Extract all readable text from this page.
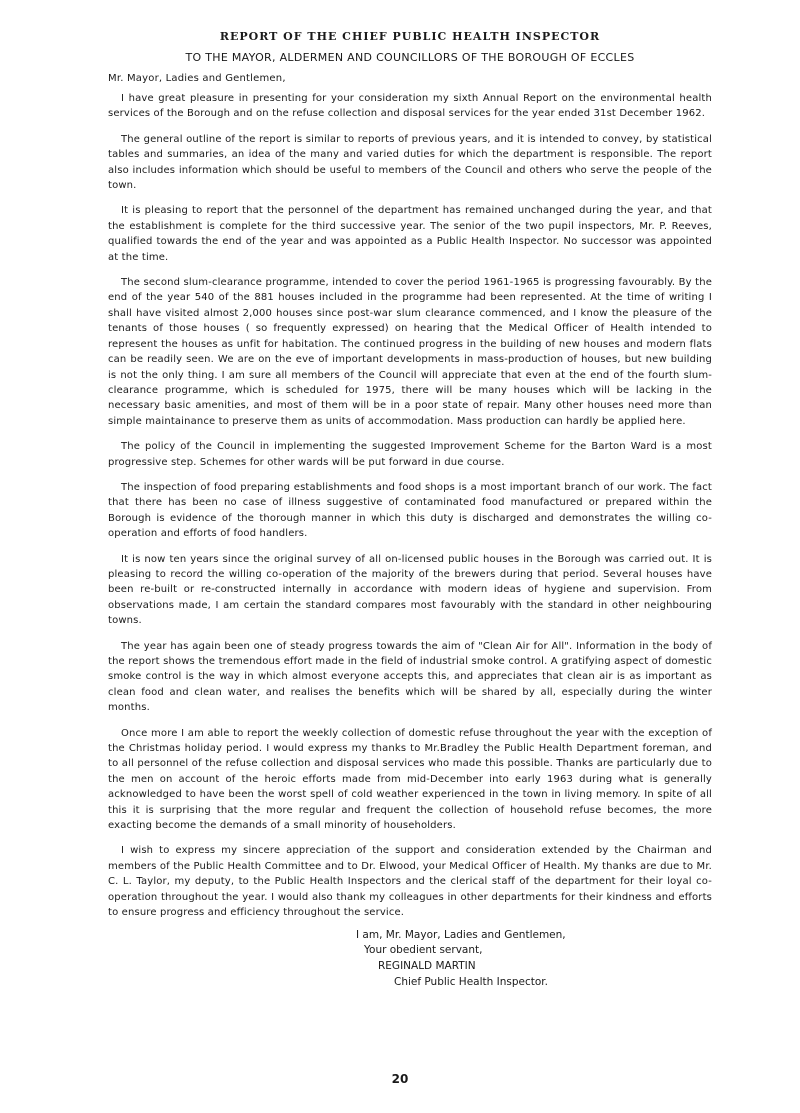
REPORT OF THE CHIEF PUBLIC HEALTH INSPECTOR
TO THE MAYOR, ALDERMEN AND COUNCILLORS OF THE BOROUGH OF ECCLES
Mr. Mayor, Ladies and Gentlemen,

I have great pleasure in presenting for your consideration my sixth Annual Report on the environmental health services of the Borough and on the refuse collection and disposal services for the year ended 31st December 1962.

The general outline of the report is similar to reports of previous years, and it is intended to convey, by statistical tables and summaries, an idea of the many and varied duties for which the department is responsible. The report also includes information which should be useful to members of the Council and others who serve the people of the town.

It is pleasing to report that the personnel of the department has remained unchanged during the year, and that the establishment is complete for the third successive year. The senior of the two pupil inspectors, Mr. P. Reeves, qualified towards the end of the year and was appointed as a Public Health Inspector. No successor was appointed at the time.

The second slum-clearance programme, intended to cover the period 1961-1965 is progressing favourably. By the end of the year 540 of the 881 houses included in the programme had been represented. At the time of writing I shall have visited almost 2,000 houses since post-war slum clearance commenced, and I know the pleasure of the tenants of those houses ( so frequently expressed) on hearing that the Medical Officer of Health intended to represent the houses as unfit for habitation. The continued progress in the building of new houses and modern flats can be readily seen. We are on the eve of important developments in mass-production of houses, but new building is not the only thing. I am sure all members of the Council will appreciate that even at the end of the fourth slum-clearance programme, which is scheduled for 1975, there will be many houses which will be lacking in the necessary basic amenities, and most of them will be in a poor state of repair. Many other houses need more than simple maintainance to preserve them as units of accommodation. Mass production can hardly be applied here.

The policy of the Council in implementing the suggested Improvement Scheme for the Barton Ward is a most progressive step. Schemes for other wards will be put forward in due course.

The inspection of food preparing establishments and food shops is a most important branch of our work. The fact that there has been no case of illness suggestive of contaminated food manufactured or prepared within the Borough is evidence of the thorough manner in which this duty is discharged and demonstrates the willing co-operation and efforts of food handlers.

It is now ten years since the original survey of all on-licensed public houses in the Borough was carried out. It is pleasing to record the willing co-operation of the majority of the brewers during that period. Several houses have been re-built or re-constructed internally in accordance with modern ideas of hygiene and supervision. From observations made, I am certain the standard compares most favourably with the standard in other neighbouring towns.

The year has again been one of steady progress towards the aim of "Clean Air for All". Information in the body of the report shows the tremendous effort made in the field of industrial smoke control. A gratifying aspect of domestic smoke control is the way in which almost everyone accepts this, and appreciates that clean air is as important as clean food and clean water, and realises the benefits which will be shared by all, especially during the winter months.

Once more I am able to report the weekly collection of domestic refuse throughout the year with the exception of the Christmas holiday period. I would express my thanks to Mr.Bradley the Public Health Department foreman, and to all personnel of the refuse collection and disposal services who made this possible. Thanks are particularly due to the men on account of the heroic efforts made from mid-December into early 1963 during what is generally acknowledged to have been the worst spell of cold weather experienced in the town in living memory. In spite of all this it is surprising that the more regular and frequent the collection of household refuse becomes, the more exacting become the demands of a small minority of householders.

I wish to express my sincere appreciation of the support and consideration extended by the Chairman and members of the Public Health Committee and to Dr. Elwood, your Medical Officer of Health. My thanks are due to Mr. C. L. Taylor, my deputy, to the Public Health Inspectors and the clerical staff of the department for their loyal co-operation throughout the year. I would also thank my colleagues in other departments for their kindness and efforts to ensure progress and efficiency throughout the service.

I am, Mr. Mayor, Ladies and Gentlemen,
Your obedient servant,
REGINALD MARTIN
Chief Public Health Inspector.
20
